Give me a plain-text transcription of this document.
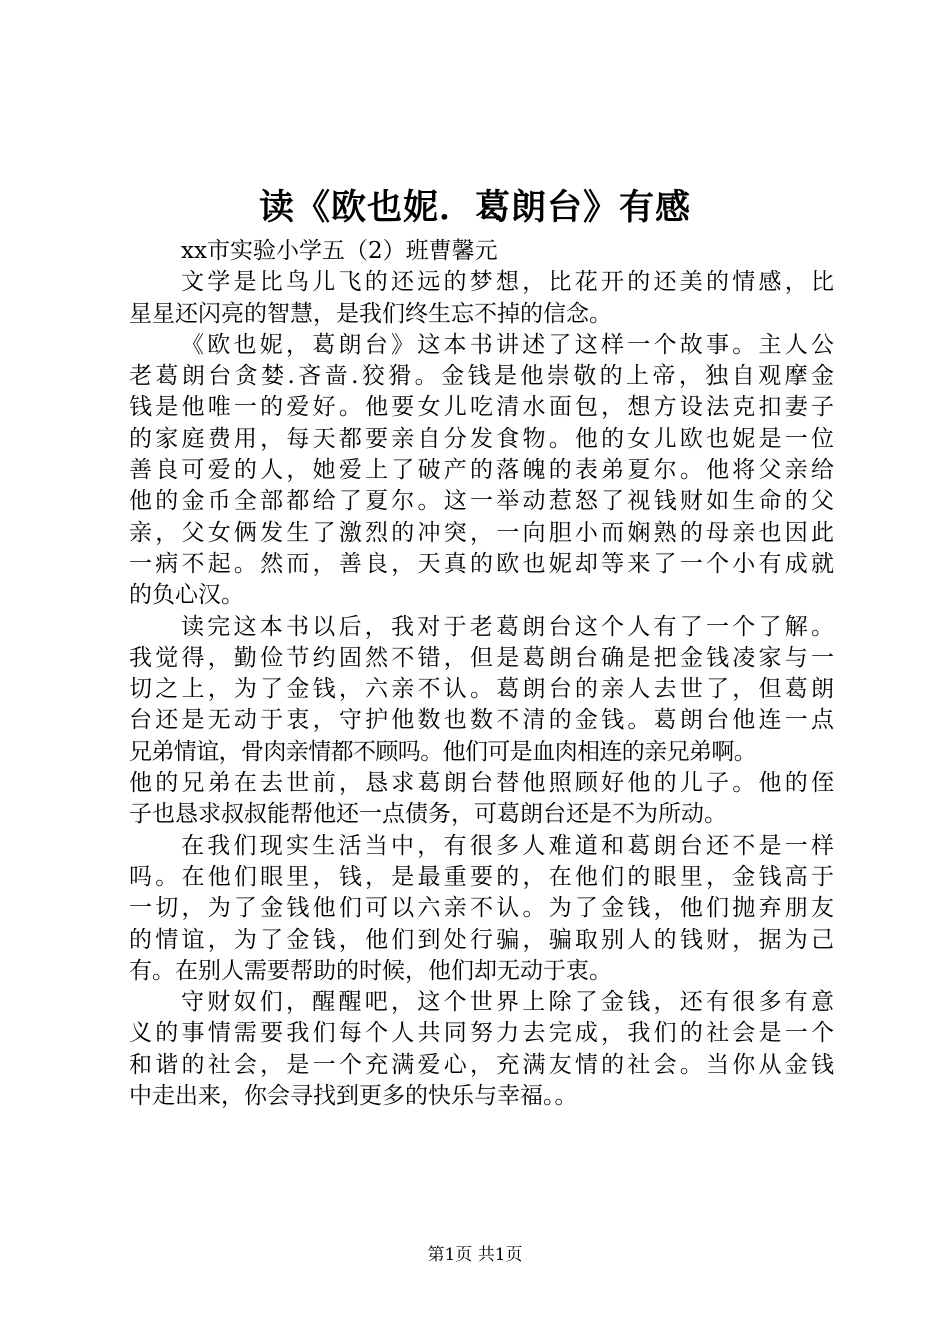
读《欧也妮．葛朗台》有感
xx市实验小学五（2）班曹馨元
文学是比鸟儿飞的还远的梦想，比花开的还美的情感，比
星星还闪亮的智慧，是我们终生忘不掉的信念。
《欧也妮，葛朗台》这本书讲述了这样一个故事。主人公
老葛朗台贪婪.吝啬.狡猾。金钱是他崇敬的上帝，独自观摩金
钱是他唯一的爱好。他要女儿吃清水面包，想方设法克扣妻子
的家庭费用，每天都要亲自分发食物。他的女儿欧也妮是一位
善良可爱的人，她爱上了破产的落魄的表弟夏尔。他将父亲给
他的金币全部都给了夏尔。这一举动惹怒了视钱财如生命的父
亲，父女俩发生了激烈的冲突，一向胆小而娴熟的母亲也因此
一病不起。然而，善良，天真的欧也妮却等来了一个小有成就
的负心汉。
读完这本书以后，我对于老葛朗台这个人有了一个了解。
我觉得，勤俭节约固然不错，但是葛朗台确是把金钱凌家与一
切之上，为了金钱，六亲不认。葛朗台的亲人去世了，但葛朗
台还是无动于衷，守护他数也数不清的金钱。葛朗台他连一点
兄弟情谊，骨肉亲情都不顾吗。他们可是血肉相连的亲兄弟啊。
他的兄弟在去世前，恳求葛朗台替他照顾好他的儿子。他的侄
子也恳求叔叔能帮他还一点债务，可葛朗台还是不为所动。
在我们现实生活当中，有很多人难道和葛朗台还不是一样
吗。在他们眼里，钱，是最重要的，在他们的眼里，金钱高于
一切，为了金钱他们可以六亲不认。为了金钱，他们抛弃朋友
的情谊，为了金钱，他们到处行骗，骗取别人的钱财，据为己
有。在别人需要帮助的时候，他们却无动于衷。
守财奴们，醒醒吧，这个世界上除了金钱，还有很多有意
义的事情需要我们每个人共同努力去完成，我们的社会是一个
和谐的社会，是一个充满爱心，充满友情的社会。当你从金钱
中走出来，你会寻找到更多的快乐与幸福。。
第1页 共1页
